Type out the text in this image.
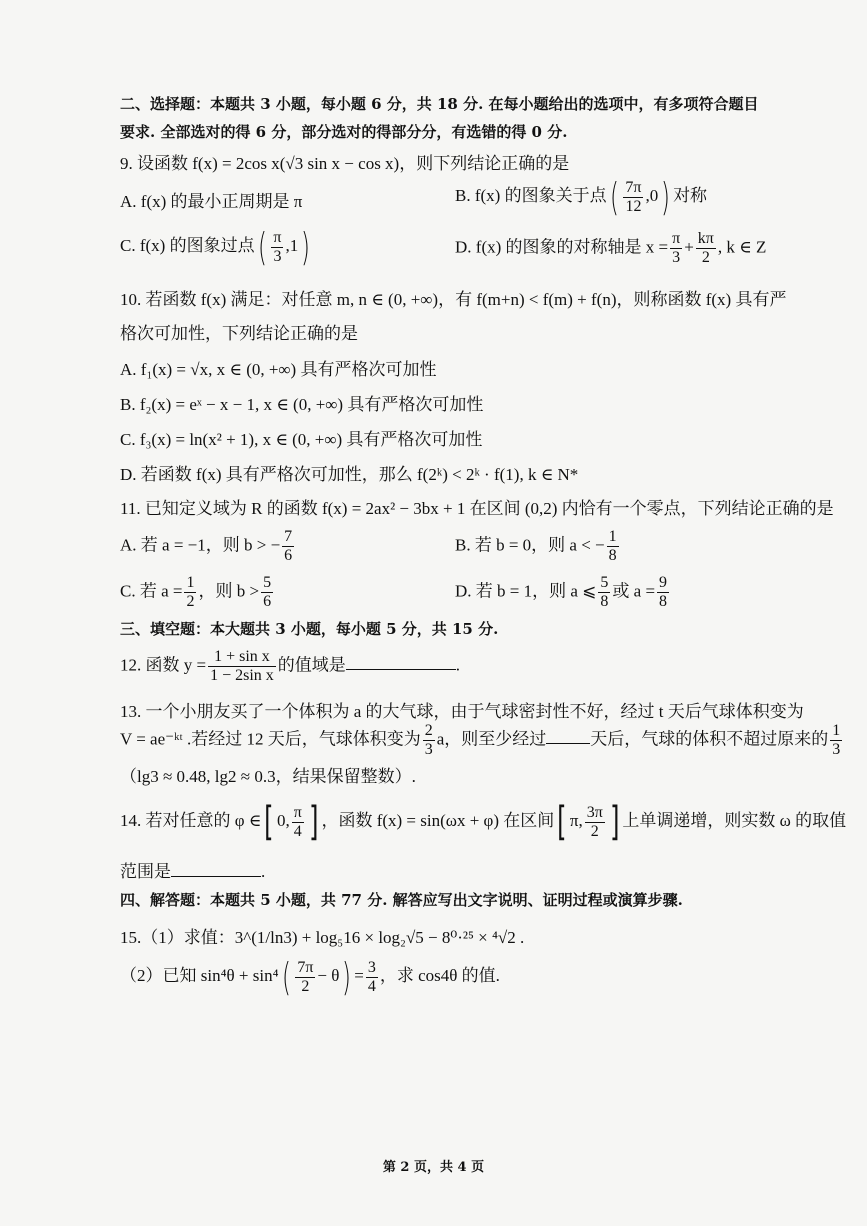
二、选择题：本题共 3 小题，每小题 6 分，共 18 分. 在每小题给出的选项中，有多项符合题目
要求. 全部选对的得 6 分，部分选对的得部分分，有选错的得 0 分.
9. 设函数 f(x) = 2cos x(√3 sin x − cos x)，则下列结论正确的是
A. f(x) 的最小正周期是 π	B. f(x) 的图象关于点( $\frac{7\pi}{12} ,0$) 对称
C. f(x) 的图象过点( $\frac{\pi}{3} ,1$)	D. f(x) 的图象的对称轴是 $x = \frac{\pi}{3} + \frac{k\pi}{2}$ , k ∈ Z
10. 若函数 f(x) 满足：对任意 m, n ∈ (0, +∞)，有 f(m+n) < f(m) + f(n)，则称函数 f(x) 具有严
格次可加性，下列结论正确的是
A. f₁(x) = √x, x ∈ (0, +∞) 具有严格次可加性
B. f₂(x) = eˣ − x − 1, x ∈ (0, +∞) 具有严格次可加性
C. f₃(x) = ln(x² + 1), x ∈ (0, +∞) 具有严格次可加性
D. 若函数 f(x) 具有严格次可加性，那么 f(2ᵏ) < 2ᵏ · f(1), k ∈ N*
11. 已知定义域为 R 的函数 f(x) = 2ax² − 3bx + 1 在区间 (0,2) 内恰有一个零点，下列结论正确的是
A. 若 a = −1，则 b > − $\frac{7}{6}$	B. 若 b = 0，则 a < − $\frac{1}{8}$
C. 若 $a = \frac{1}{2}$ ，则 $b > \frac{5}{6}$	D. 若 b = 1，则 a ⩽ $\frac{5}{8}$ 或 $a = \frac{9}{8}$
三、填空题：本大题共 3 小题，每小题 5 分，共 15 分.
12. 函数 $y = \frac{\text{1 + sin x}}{\text{1 − 2sin x}}$ 的值域是	.
13. 一个小朋友买了一个体积为 a 的大气球，由于气球密封性不好，经过 t 天后气球体积变为
V = ae⁻ᵏᵗ .若经过 12 天后，气球体积变为 $\frac{2}{3}$ a，则至少经过	天后，气球的体积不超过原来的 $\frac{1}{3}$
（lg3 ≈ 0.48, lg2 ≈ 0.3，结果保留整数）.
14. 若对任意的 φ ∈[ 0, $\frac{\pi}{4}$ ] ，函数 f(x) = sin(ωx + φ) 在区间[ π, $\frac{3\pi}{2}$ ] 上单调递增，则实数 ω 的取值
范围是	.
四、解答题：本题共 5 小题，共 77 分. 解答应写出文字说明、证明过程或演算步骤.
15.（1）求值：3^(1/ln3) + log₅16 × log₂√5 − 8⁰·²⁵ × ⁴√2 .
（2）已知 $\sin^4\theta + \sin^4( \frac{7\pi}{2} - \theta) = \frac{3}{4}$ ，求 cos4θ 的值.
第 2 页，共 4 页
